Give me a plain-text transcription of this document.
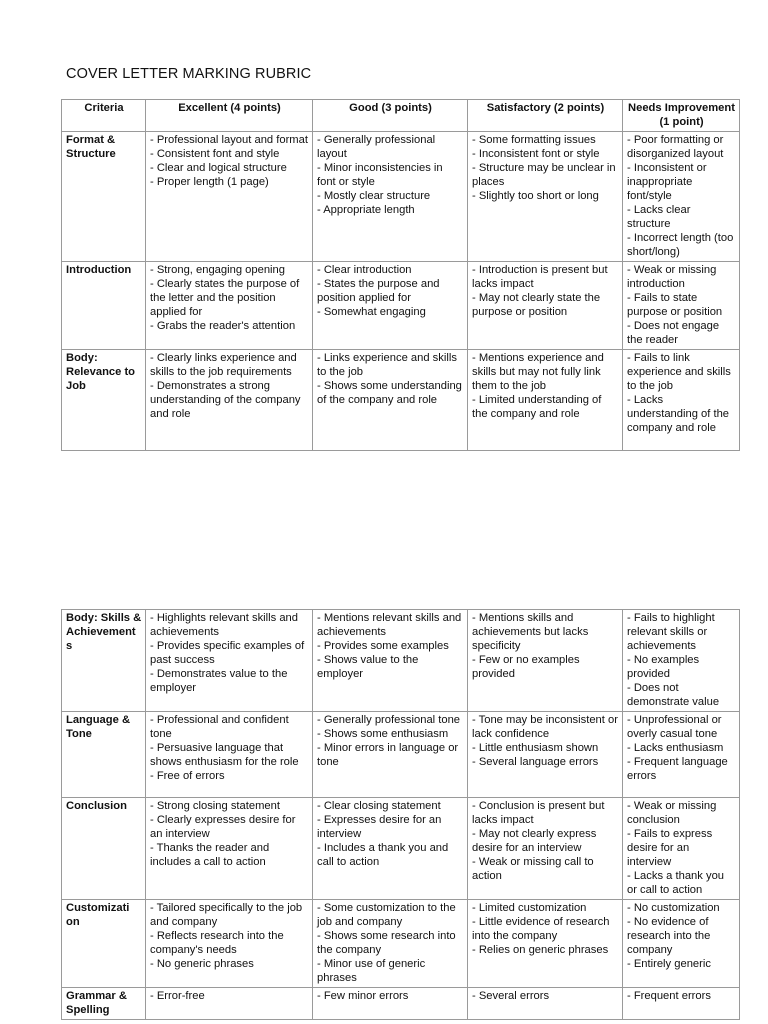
COVER LETTER MARKING RUBRIC
Criteria	Excellent (4 points)	Good (3 points)	Satisfactory (2 points)	Needs Improvement (1 point)
Format &
Structure	- Professional layout and format
- Consistent font and style
- Clear and logical structure
- Proper length (1 page)	- Generally professional layout
- Minor inconsistencies in font or style
- Mostly clear structure
- Appropriate length	- Some formatting issues
- Inconsistent font or style
- Structure may be unclear in places
- Slightly too short or long	- Poor formatting or disorganized layout
- Inconsistent or inappropriate font/style
- Lacks clear structure
- Incorrect length (too short/long)
Introduction	- Strong, engaging opening
- Clearly states the purpose of the letter and the position applied for
- Grabs the reader's attention	- Clear introduction
- States the purpose and position applied for
- Somewhat engaging	- Introduction is present but lacks impact
- May not clearly state the purpose or position	- Weak or missing introduction
- Fails to state purpose or position
- Does not engage the reader
Body:
Relevance to Job	- Clearly links experience and skills to the job requirements
- Demonstrates a strong understanding of the company and role	- Links experience and skills to the job
- Shows some understanding of the company and role	- Mentions experience and skills but may not fully link them to the job
- Limited understanding of the company and role	- Fails to link experience and skills to the job
- Lacks understanding of the company and role
Body: Skills &
Achievement
s	- Highlights relevant skills and achievements
- Provides specific examples of past success
- Demonstrates value to the employer	- Mentions relevant skills and achievements
- Provides some examples
- Shows value to the employer	- Mentions skills and achievements but lacks specificity
- Few or no examples provided	- Fails to highlight relevant skills or achievements
- No examples provided
- Does not demonstrate value
Language &
Tone	- Professional and confident tone
- Persuasive language that shows enthusiasm for the role
- Free of errors	- Generally professional tone
- Shows some enthusiasm
- Minor errors in language or tone	- Tone may be inconsistent or lack confidence
- Little enthusiasm shown
- Several language errors	- Unprofessional or overly casual tone
- Lacks enthusiasm
- Frequent language errors
Conclusion	- Strong closing statement
- Clearly expresses desire for an interview
- Thanks the reader and includes a call to action	- Clear closing statement
- Expresses desire for an interview
- Includes a thank you and call to action	- Conclusion is present but lacks impact
- May not clearly express desire for an interview
- Weak or missing call to action	- Weak or missing conclusion
- Fails to express desire for an interview
- Lacks a thank you or call to action
Customizati
on	- Tailored specifically to the job and company
- Reflects research into the company's needs
- No generic phrases	- Some customization to the job and company
- Shows some research into the company
- Minor use of generic phrases	- Limited customization
- Little evidence of research into the company
- Relies on generic phrases	- No customization
- No evidence of research into the company
- Entirely generic
Grammar &
Spelling	- Error-free	- Few minor errors	- Several errors	- Frequent errors
